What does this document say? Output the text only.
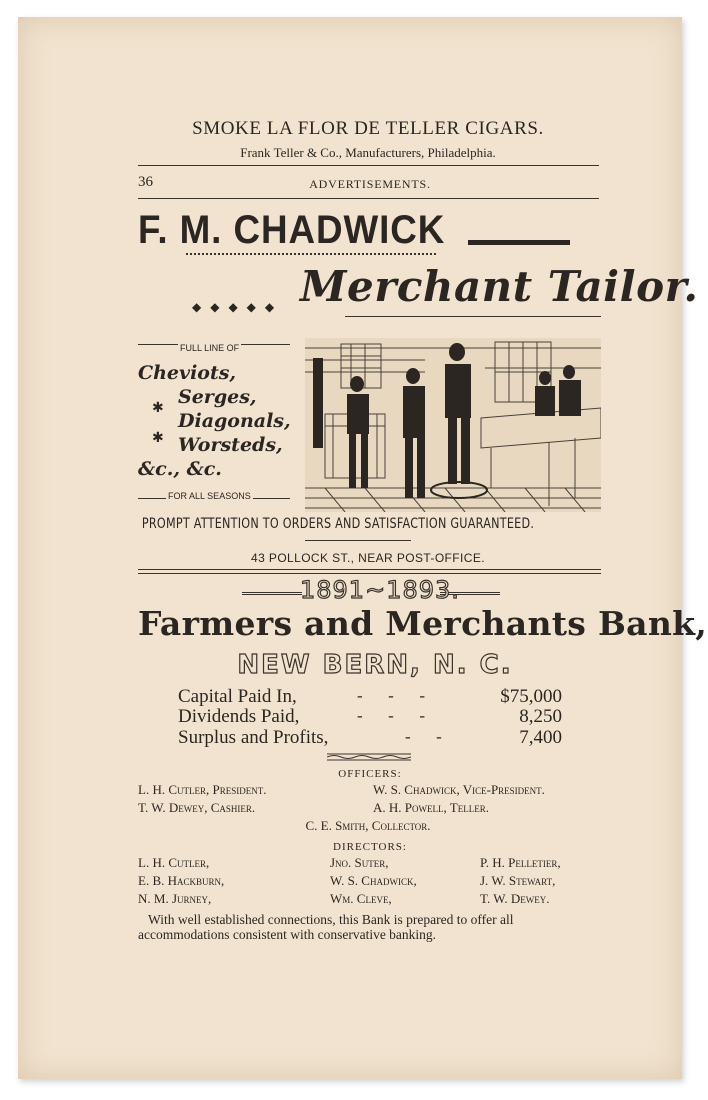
SMOKE LA FLOR DE TELLER CIGARS.
Frank Teller & Co., Manufacturers, Philadelphia.
36	ADVERTISEMENTS.
F. M. CHADWICK
◆◆◆◆◆ Merchant Tailor.
FULL LINE OF
Cheviots,
Serges,
✱
Diagonals,
✱ Worsteds,
&c., &c.
FOR ALL SEASONS
PROMPT ATTENTION TO ORDERS AND SATISFACTION GUARANTEED.
43 POLLOCK ST., NEAR POST-OFFICE.
1891~1893.
Farmers and Merchants Bank,
NEW BERN, N. C.
Capital Paid In,	-      -      -	$75,000
Dividends Paid,	-      -      -	8,250
Surplus and Profits,	-      -	7,400
OFFICERS:
L. H. Cutler, President.	W. S. Chadwick, Vice-President.
T. W. Dewey, Cashier.	A. H. Powell, Teller.
C. E. Smith, Collector.
DIRECTORS:
L. H. Cutler,	Jno. Suter,	P. H. Pelletier,
E. B. Hackburn,	W. S. Chadwick,	J. W. Stewart,
N. M. Jurney,	Wm. Cleve,	T. W. Dewey.
With well established connections, this Bank is prepared to offer all
accommodations consistent with conservative banking.
